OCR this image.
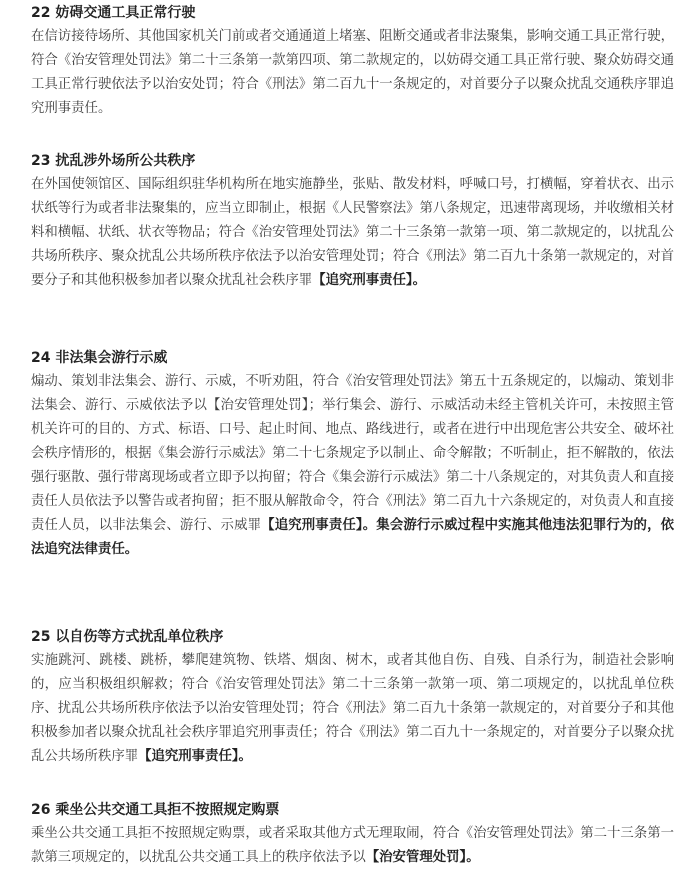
22 妨碍交通工具正常行驶

在信访接待场所、其他国家机关门前或者交通通道上堵塞、阻断交通或者非法聚集，影响交通工具正常行驶，符合《治安管理处罚法》第二十三条第一款第四项、第二款规定的，以妨碍交通工具正常行驶、聚众妨碍交通工具正常行驶依法予以治安处罚；符合《刑法》第二百九十一条规定的，对首要分子以聚众扰乱交通秩序罪追究刑事责任。

23 扰乱涉外场所公共秩序

在外国使领馆区、国际组织驻华机构所在地实施静坐，张贴、散发材料，呼喊口号，打横幅，穿着状衣、出示状纸等行为或者非法聚集的，应当立即制止，根据《人民警察法》第八条规定，迅速带离现场，并收缴相关材料和横幅、状纸、状衣等物品；符合《治安管理处罚法》第二十三条第一款第一项、第二款规定的，以扰乱公共场所秩序、聚众扰乱公共场所秩序依法予以治安管理处罚；符合《刑法》第二百九十条第一款规定的，对首要分子和其他积极参加者以聚众扰乱社会秩序罪【追究刑事责任】。

24 非法集会游行示威

煽动、策划非法集会、游行、示威，不听劝阻，符合《治安管理处罚法》第五十五条规定的，以煽动、策划非法集会、游行、示威依法予以【治安管理处罚】；举行集会、游行、示威活动未经主管机关许可，未按照主管机关许可的目的、方式、标语、口号、起止时间、地点、路线进行，或者在进行中出现危害公共安全、破坏社会秩序情形的，根据《集会游行示威法》第二十七条规定予以制止、命令解散；不听制止，拒不解散的，依法强行驱散、强行带离现场或者立即予以拘留；符合《集会游行示威法》第二十八条规定的，对其负责人和直接责任人员依法予以警告或者拘留；拒不服从解散命令，符合《刑法》第二百九十六条规定的，对负责人和直接责任人员，以非法集会、游行、示威罪【追究刑事责任】。集会游行示威过程中实施其他违法犯罪行为的，依法追究法律责任。

25 以自伤等方式扰乱单位秩序

实施跳河、跳楼、跳桥，攀爬建筑物、铁塔、烟囱、树木，或者其他自伤、自残、自杀行为，制造社会影响的，应当积极组织解救；符合《治安管理处罚法》第二十三条第一款第一项、第二项规定的，以扰乱单位秩序、扰乱公共场所秩序依法予以治安管理处罚；符合《刑法》第二百九十条第一款规定的，对首要分子和其他积极参加者以聚众扰乱社会秩序罪追究刑事责任；符合《刑法》第二百九十一条规定的，对首要分子以聚众扰乱公共场所秩序罪【追究刑事责任】。

26 乘坐公共交通工具拒不按照规定购票

乘坐公共交通工具拒不按照规定购票，或者采取其他方式无理取闹，符合《治安管理处罚法》第二十三条第一款第三项规定的，以扰乱公共交通工具上的秩序依法予以【治安管理处罚】。
